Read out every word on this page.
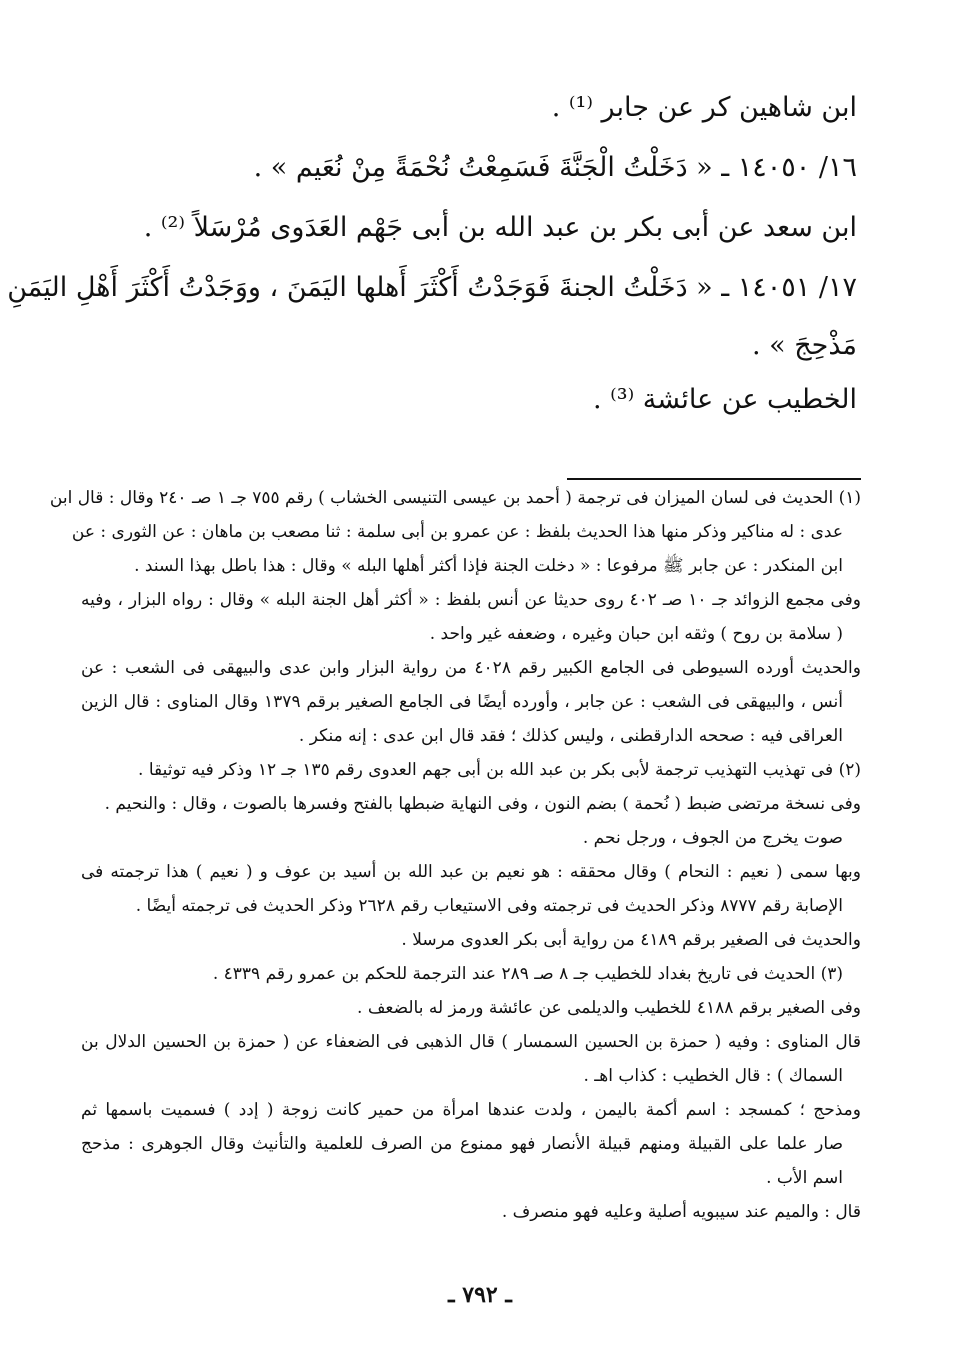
ابن شاهين كر عن جابر ⁽¹⁾ .
١٦/ ١٤٠٥٠ ـ « دَخَلْتُ الْجَنَّةَ فَسَمِعْتُ نُحْمَةً مِنْ نُعَيم » .
ابن سعد عن أبى بكر بن عبد الله بن أبى جَهْم العَدَوى مُرْسَلاً ⁽²⁾ .
١٧/ ١٤٠٥١ ـ « دَخَلْتُ الجنةَ فَوَجَدْتُ أَكْثَرَ أَهلها اليَمَنَ ، ووَجَدْتُ أَكْثَرَ أَهْلِ اليَمَنِ
مَذْحِجَ » .
الخطيب عن عائشة ⁽³⁾ .
(١) الحديث فى لسان الميزان فى ترجمة ( أحمد بن عيسى التنيسى الخشاب ) رقم ٧٥٥ جـ ١ صـ ٢٤٠ وقال : قال ابن
عدى : له مناكير وذكر منها هذا الحديث بلفظ : عن عمرو بن أبى سلمة : ثنا مصعب بن ماهان : عن الثورى : عن
ابن المنكدر : عن جابر ﷺ مرفوعا : « دخلت الجنة فإذا أكثر أهلها البله » وقال : هذا باطل بهذا السند .
وفى مجمع الزوائد جـ ١٠ صـ ٤٠٢ روى حديثا عن أنس بلفظ : « أكثر أهل الجنة البله » وقال : رواه البزار ، وفيه
( سلامة بن روح ) وثقه ابن حبان وغيره ، وضعفه غير واحد .
والحديث أورده السيوطى فى الجامع الكبير رقم ٤٠٢٨ من رواية البزار وابن عدى والبيهقى فى الشعب : عن
أنس ، والبيهقى فى الشعب : عن جابر ، وأورده أيضًا فى الجامع الصغير برقم ١٣٧٩ وقال المناوى : قال الزين
العراقى فيه : صححه الدارقطنى ، وليس كذلك ؛ فقد قال ابن عدى : إنه منكر .
(٢) فى تهذيب التهذيب ترجمة لأبى بكر بن عبد الله بن أبى جهم العدوى رقم ١٣٥ جـ ١٢ وذكر فيه توثيقا .
وفى نسخة مرتضى ضبط ( نُحمة ) بضم النون ، وفى النهاية ضبطها بالفتح وفسرها بالصوت ، وقال : والنحيم .
صوت يخرج من الجوف ، ورجل نحم .
وبها سمى ( نعيم : النحام ) وقال محققه : هو نعيم بن عبد الله بن أسيد بن عوف و ( نعيم ) هذا ترجمته فى
الإصابة رقم ٨٧٧٧ وذكر الحديث فى ترجمته وفى الاستيعاب رقم ٢٦٢٨ وذكر الحديث فى ترجمته أيضًا .
والحديث فى الصغير برقم ٤١٨٩ من رواية أبى بكر العدوى مرسلا .
(٣) الحديث فى تاريخ بغداد للخطيب جـ ٨ صـ ٢٨٩ عند الترجمة للحكم بن عمرو رقم ٤٣٣٩ .
وفى الصغير برقم ٤١٨٨ للخطيب والديلمى عن عائشة ورمز له بالضعف .
قال المناوى : وفيه ( حمزة بن الحسين السمسار ) قال الذهبى فى الضعفاء عن ( حمزة بن الحسين الدلال بن
السماك ) : قال الخطيب : كذاب اهـ .
ومذحج ؛ كمسجد : اسم أكمة باليمن ، ولدت عندها امرأة من حمير كانت زوجة ( إدد ) فسميت باسمها ثم
صار علما على القبيلة ومنهم قبيلة الأنصار فهو ممنوع من الصرف للعلمية والتأنيث وقال الجوهرى : مذحج
اسم الأب .
قال : والميم عند سيبويه أصلية وعليه فهو منصرف .
ـ ٧٩٢ ـ
